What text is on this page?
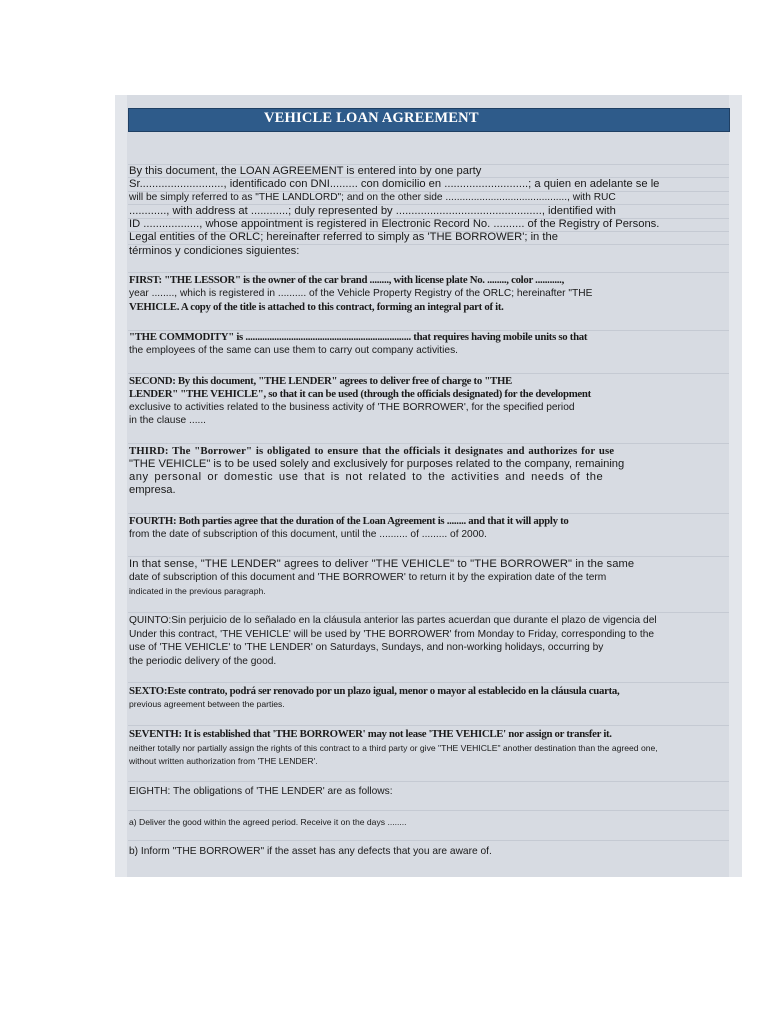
VEHICLE LOAN AGREEMENT
By this document, the LOAN AGREEMENT is entered into by one party
Sr..........................., identificado con DNI......... con domicilio en ...........................; a quien en adelante se le
will be simply referred to as "THE LANDLORD"; and on the other side ..........................................., with RUC
............, with address at ............; duly represented by ..............................................., identified with
ID .................., whose appointment is registered in Electronic Record No. .......... of the Registry of Persons.
Legal entities of the ORLC; hereinafter referred to simply as 'THE BORROWER'; in the
términos y condiciones siguientes:
FIRST: "THE LESSOR" is the owner of the car brand ........, with license plate No. ........, color ...........,
year ........, which is registered in .......... of the Vehicle Property Registry of the ORLC; hereinafter "THE
VEHICLE. A copy of the title is attached to this contract, forming an integral part of it.
"THE COMMODITY" is ..................................................................... that requires having mobile units so that
the employees of the same can use them to carry out company activities.
SECOND: By this document, "THE LENDER" agrees to deliver free of charge to "THE
LENDER" "THE VEHICLE", so that it can be used (through the officials designated) for the development
exclusive to activities related to the business activity of 'THE BORROWER', for the specified period
in the clause ......
THIRD: The "Borrower" is obligated to ensure that the officials it designates and authorizes for use
"THE VEHICLE" is to be used solely and exclusively for purposes related to the company, remaining
any personal or domestic use that is not related to the activities and needs of the
empresa.
FOURTH: Both parties agree that the duration of the Loan Agreement is ........ and that it will apply to
from the date of subscription of this document, until the .......... of ......... of 2000.
In that sense, "THE LENDER" agrees to deliver "THE VEHICLE" to "THE BORROWER" in the same
date of subscription of this document and 'THE BORROWER' to return it by the expiration date of the term
indicated in the previous paragraph.
QUINTO:Sin perjuicio de lo señalado en la cláusula anterior las partes acuerdan que durante el plazo de vigencia del
Under this contract, 'THE VEHICLE' will be used by 'THE BORROWER' from Monday to Friday, corresponding to the
use of 'THE VEHICLE' to 'THE LENDER' on Saturdays, Sundays, and non-working holidays, occurring by
the periodic delivery of the good.
SEXTO:Este contrato, podrá ser renovado por un plazo igual, menor o mayor al establecido en la cláusula cuarta,
previous agreement between the parties.
SEVENTH: It is established that 'THE BORROWER' may not lease 'THE VEHICLE' nor assign or transfer it.
neither totally nor partially assign the rights of this contract to a third party or give "THE VEHICLE" another destination than the agreed one,
without written authorization from 'THE LENDER'.
EIGHTH: The obligations of 'THE LENDER' are as follows:
a) Deliver the good within the agreed period. Receive it on the days ........
b) Inform "THE BORROWER" if the asset has any defects that you are aware of.
